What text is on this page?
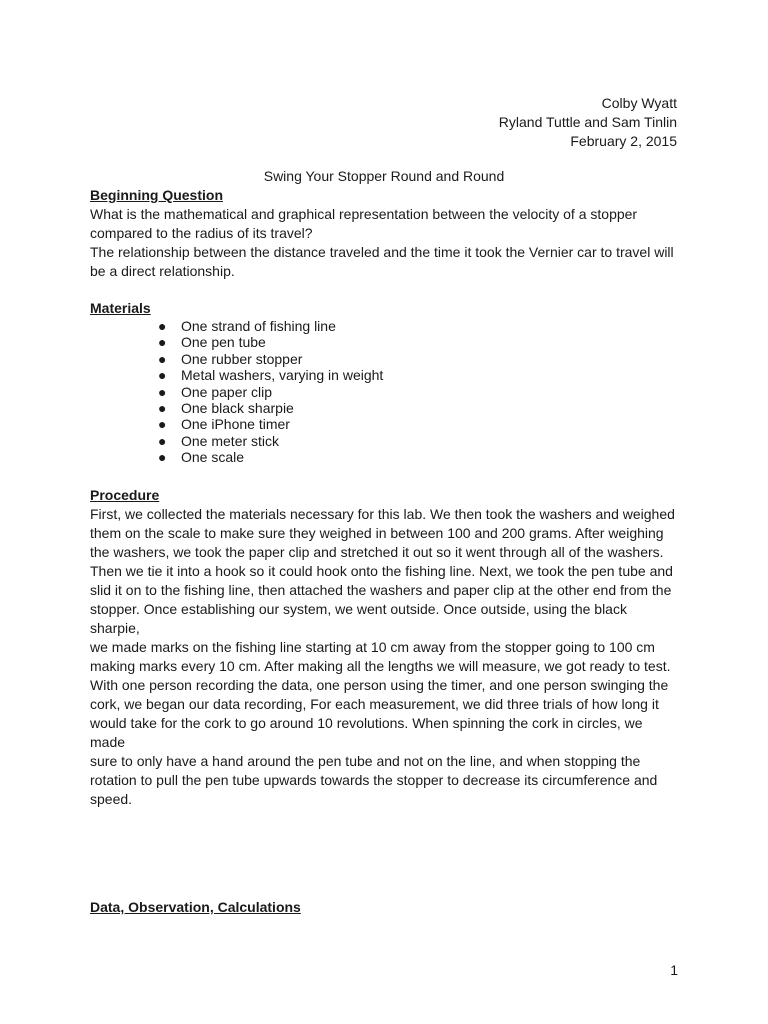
Colby Wyatt
Ryland Tuttle and Sam Tinlin
February 2, 2015
Swing Your Stopper Round and Round
Beginning Question
What is the mathematical and graphical representation between the velocity of a stopper
compared to the radius of its travel?
The relationship between the distance traveled and the time it took the Vernier car to travel will
be a direct relationship.
Materials
● One strand of fishing line
● One pen tube
● One rubber stopper
● Metal washers, varying in weight
● One paper clip
● One black sharpie
● One iPhone timer
● One meter stick
● One scale
Procedure
First, we collected the materials necessary for this lab. We then took the washers and weighed
them on the scale to make sure they weighed in between 100 and 200 grams. After weighing
the washers, we took the paper clip and stretched it out so it went through all of the washers.
Then we tie it into a hook so it could hook onto the fishing line. Next, we took the pen tube and
slid it on to the fishing line, then attached the washers and paper clip at the other end from the
stopper. Once establishing our system, we went outside. Once outside, using the black sharpie,
we made marks on the fishing line starting at 10 cm away from the stopper going to 100 cm
making marks every 10 cm. After making all the lengths we will measure, we got ready to test.
With one person recording the data, one person using the timer, and one person swinging the
cork, we began our data recording, For each measurement, we did three trials of how long it
would take for the cork to go around 10 revolutions. When spinning the cork in circles, we made
sure to only have a hand around the pen tube and not on the line, and when stopping the
rotation to pull the pen tube upwards towards the stopper to decrease its circumference and
speed.
Data, Observation, Calculations
1
